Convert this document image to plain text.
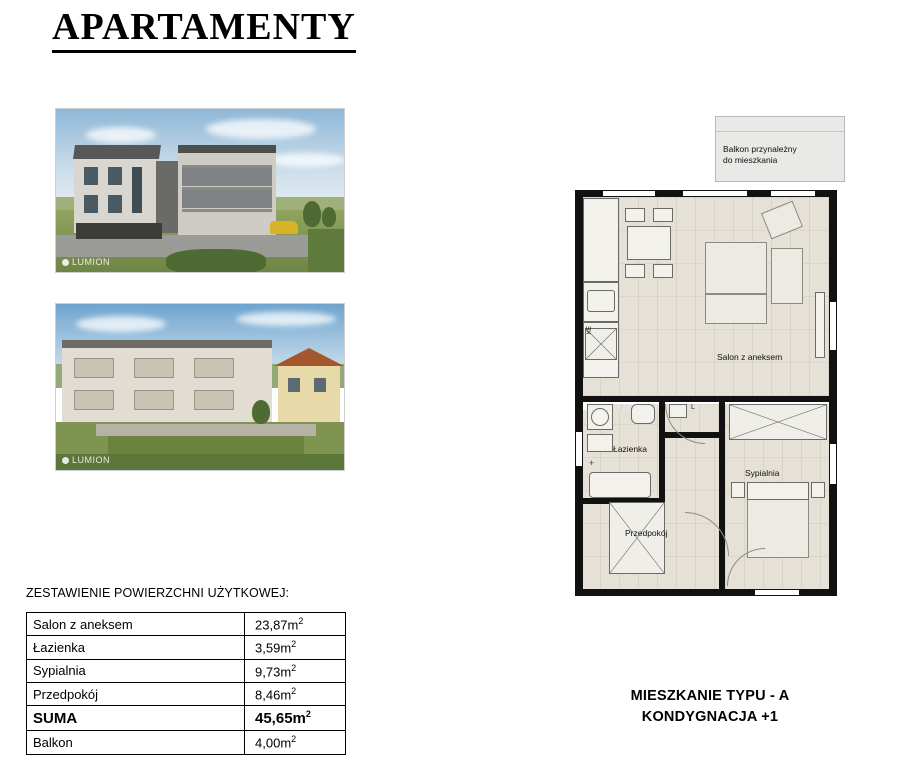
APARTAMENTY
LUMION
LUMION
ZESTAWIENIE POWIERZCHNI UŻYTKOWEJ:
Salon z aneksem	$23,87m^2$
Łazienka	$3,59m^2$
Sypialnia	$9,73m^2$
Przedpokój	$8,46m^2$
SUMA	$45,65m^2$
Balkon	$4,00m^2$
Balkon przynależny
do mieszkania
KE
Salon z aneksem
+
Łazienka
Przedpokój
Sypialnia
L
MIESZKANIE TYPU - A
KONDYGNACJA +1
